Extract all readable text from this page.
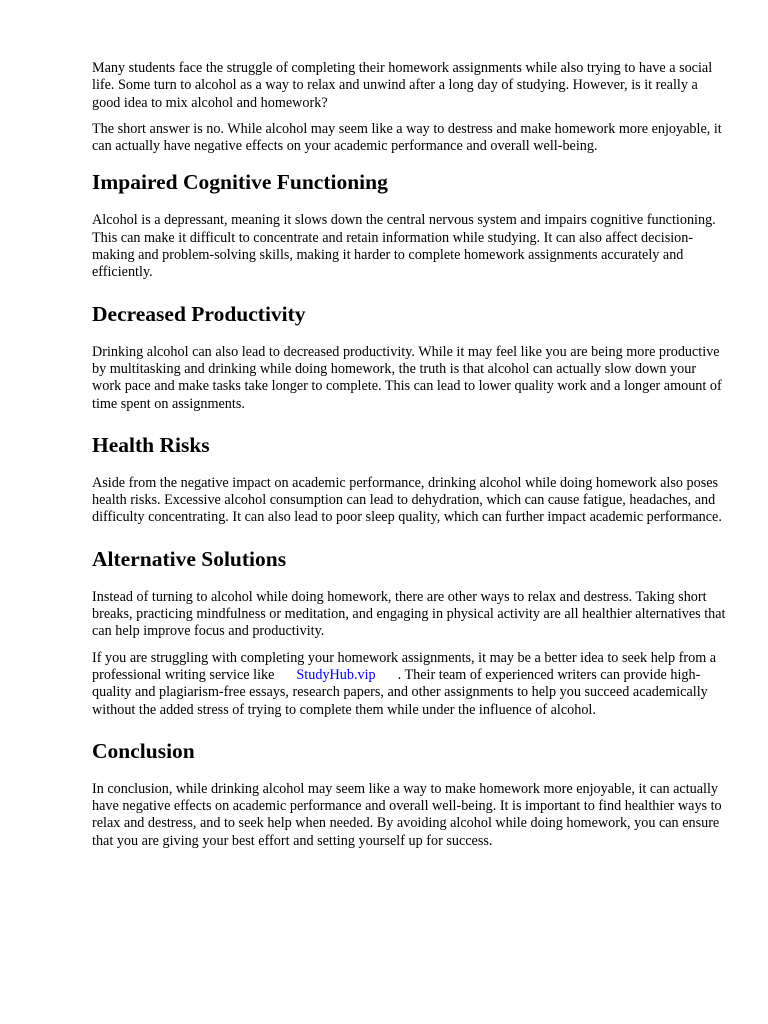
Many students face the struggle of completing their homework assignments while also trying to have a social life. Some turn to alcohol as a way to relax and unwind after a long day of studying. However, is it really a good idea to mix alcohol and homework?

The short answer is no. While alcohol may seem like a way to destress and make homework more enjoyable, it can actually have negative effects on your academic performance and overall well-being.

Impaired Cognitive Functioning

Alcohol is a depressant, meaning it slows down the central nervous system and impairs cognitive functioning. This can make it difficult to concentrate and retain information while studying. It can also affect decision-making and problem-solving skills, making it harder to complete homework assignments accurately and efficiently.

Decreased Productivity

Drinking alcohol can also lead to decreased productivity. While it may feel like you are being more productive by multitasking and drinking while doing homework, the truth is that alcohol can actually slow down your work pace and make tasks take longer to complete. This can lead to lower quality work and a longer amount of time spent on assignments.

Health Risks

Aside from the negative impact on academic performance, drinking alcohol while doing homework also poses health risks. Excessive alcohol consumption can lead to dehydration, which can cause fatigue, headaches, and difficulty concentrating. It can also lead to poor sleep quality, which can further impact academic performance.

Alternative Solutions

Instead of turning to alcohol while doing homework, there are other ways to relax and destress. Taking short breaks, practicing mindfulness or meditation, and engaging in physical activity are all healthier alternatives that can help improve focus and productivity.

If you are struggling with completing your homework assignments, it may be a better idea to seek help from a professional writing service like StudyHub.vip . Their team of experienced writers can provide high-quality and plagiarism-free essays, research papers, and other assignments to help you succeed academically without the added stress of trying to complete them while under the influence of alcohol.

Conclusion

In conclusion, while drinking alcohol may seem like a way to make homework more enjoyable, it can actually have negative effects on academic performance and overall well-being. It is important to find healthier ways to relax and destress, and to seek help when needed. By avoiding alcohol while doing homework, you can ensure that you are giving your best effort and setting yourself up for success.
